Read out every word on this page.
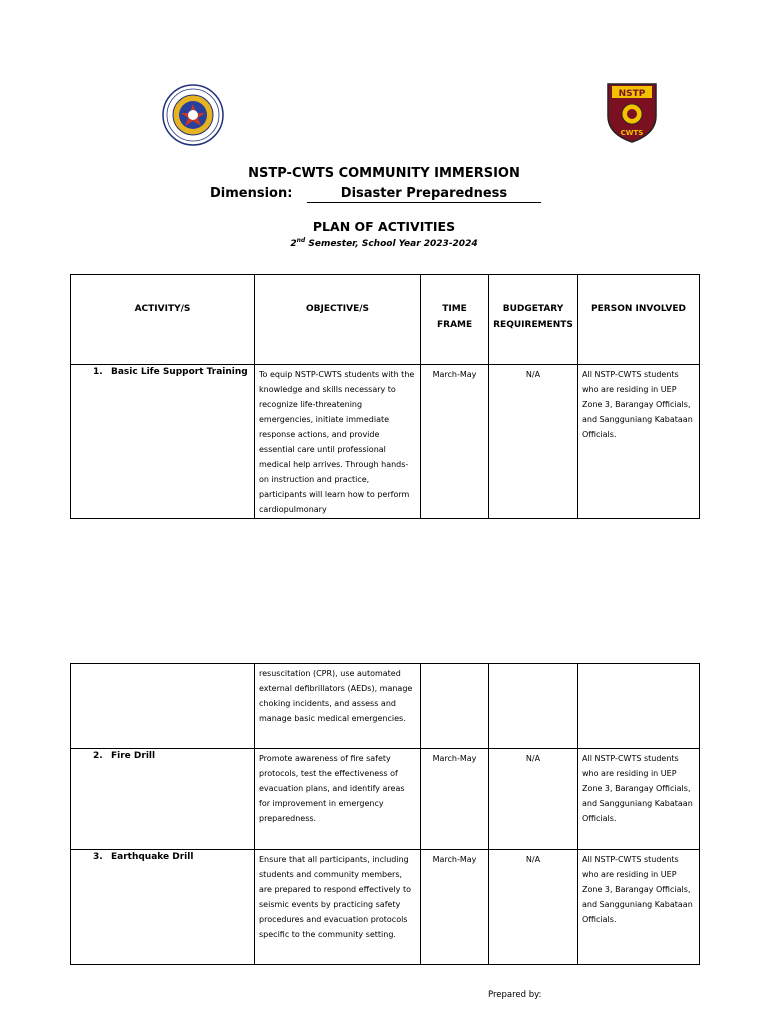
NSTP
CWTS
NSTP-CWTS COMMUNITY IMMERSION
Dimension:	Disaster Preparedness
PLAN OF ACTIVITIES
2nd Semester, School Year 2023-2024
ACTIVITY/S	OBJECTIVE/S	TIME FRAME	BUDGETARY REQUIREMENTS	PERSON INVOLVED
1. Basic Life Support Training	To equip NSTP-CWTS students with the knowledge and skills necessary to recognize life-threatening emergencies, initiate immediate response actions, and provide essential care until professional medical help arrives. Through hands-on instruction and practice, participants will learn how to perform cardiopulmonary	March-May	N/A	All NSTP-CWTS students who are residing in UEP Zone 3, Barangay Officials, and Sangguniang Kabataan Officials.
	resuscitation (CPR), use automated external defibrillators (AEDs), manage choking incidents, and assess and manage basic medical emergencies.			
2. Fire Drill	Promote awareness of fire safety protocols, test the effectiveness of evacuation plans, and identify areas for improvement in emergency preparedness.	March-May	N/A	All NSTP-CWTS students who are residing in UEP Zone 3, Barangay Officials, and Sangguniang Kabataan Officials.
3. Earthquake Drill	Ensure that all participants, including students and community members, are prepared to respond effectively to seismic events by practicing safety procedures and evacuation protocols specific to the community setting.	March-May	N/A	All NSTP-CWTS students who are residing in UEP Zone 3, Barangay Officials, and Sangguniang Kabataan Officials.
Prepared by:
